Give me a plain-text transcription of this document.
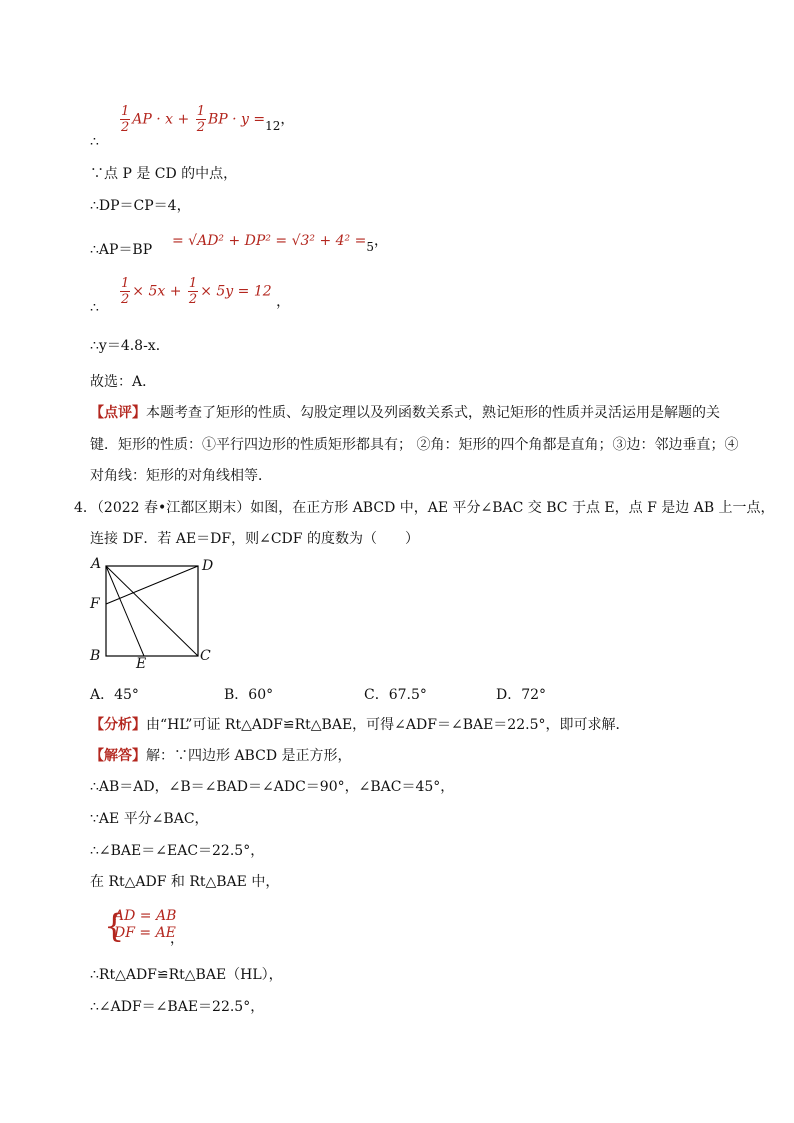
∴
$\frac{1}{2}$ AP · $x + \frac{1}{2}$ BP · y =12，
∵点 P 是 CD 的中点，
∴DP＝CP＝4，
∴AP＝BP
= √AD² + DP² = √3² + 4² =5，
∴
$\frac{1}{2} \times 5x + \frac{1}{2} \times 5y = 12$ ，
∴y＝4.8-x．
故选：A．
【点评】本题考查了矩形的性质、勾股定理以及列函数关系式，熟记矩形的性质并灵活运用是解题的关
键．矩形的性质：①平行四边形的性质矩形都具有； ②角：矩形的四个角都是直角；③边：邻边垂直；④
对角线：矩形的对角线相等．
4．（2022 春•江都区期末）如图，在正方形 ABCD 中，AE 平分∠BAC 交 BC 于点 E，点 F 是边 AB 上一点，
连接 DF．若 AE＝DF，则∠CDF 的度数为（　　）
A	D
F
B	C
E
A．45°	B．60°	C．67.5°	D．72°
【分析】由“HL”可证 Rt△ADF≌Rt△BAE，可得∠ADF＝∠BAE＝22.5°，即可求解．
【解答】解：∵四边形 ABCD 是正方形，
∴AB＝AD，∠B＝∠BAD＝∠ADC＝90°，∠BAC＝45°，
∵AE 平分∠BAC，
∴∠BAE＝∠EAC＝22.5°，
在 Rt△ADF 和 Rt△BAE 中，
{
AD = AB
DF = AE
，
∴Rt△ADF≌Rt△BAE（HL），
∴∠ADF＝∠BAE＝22.5°，
